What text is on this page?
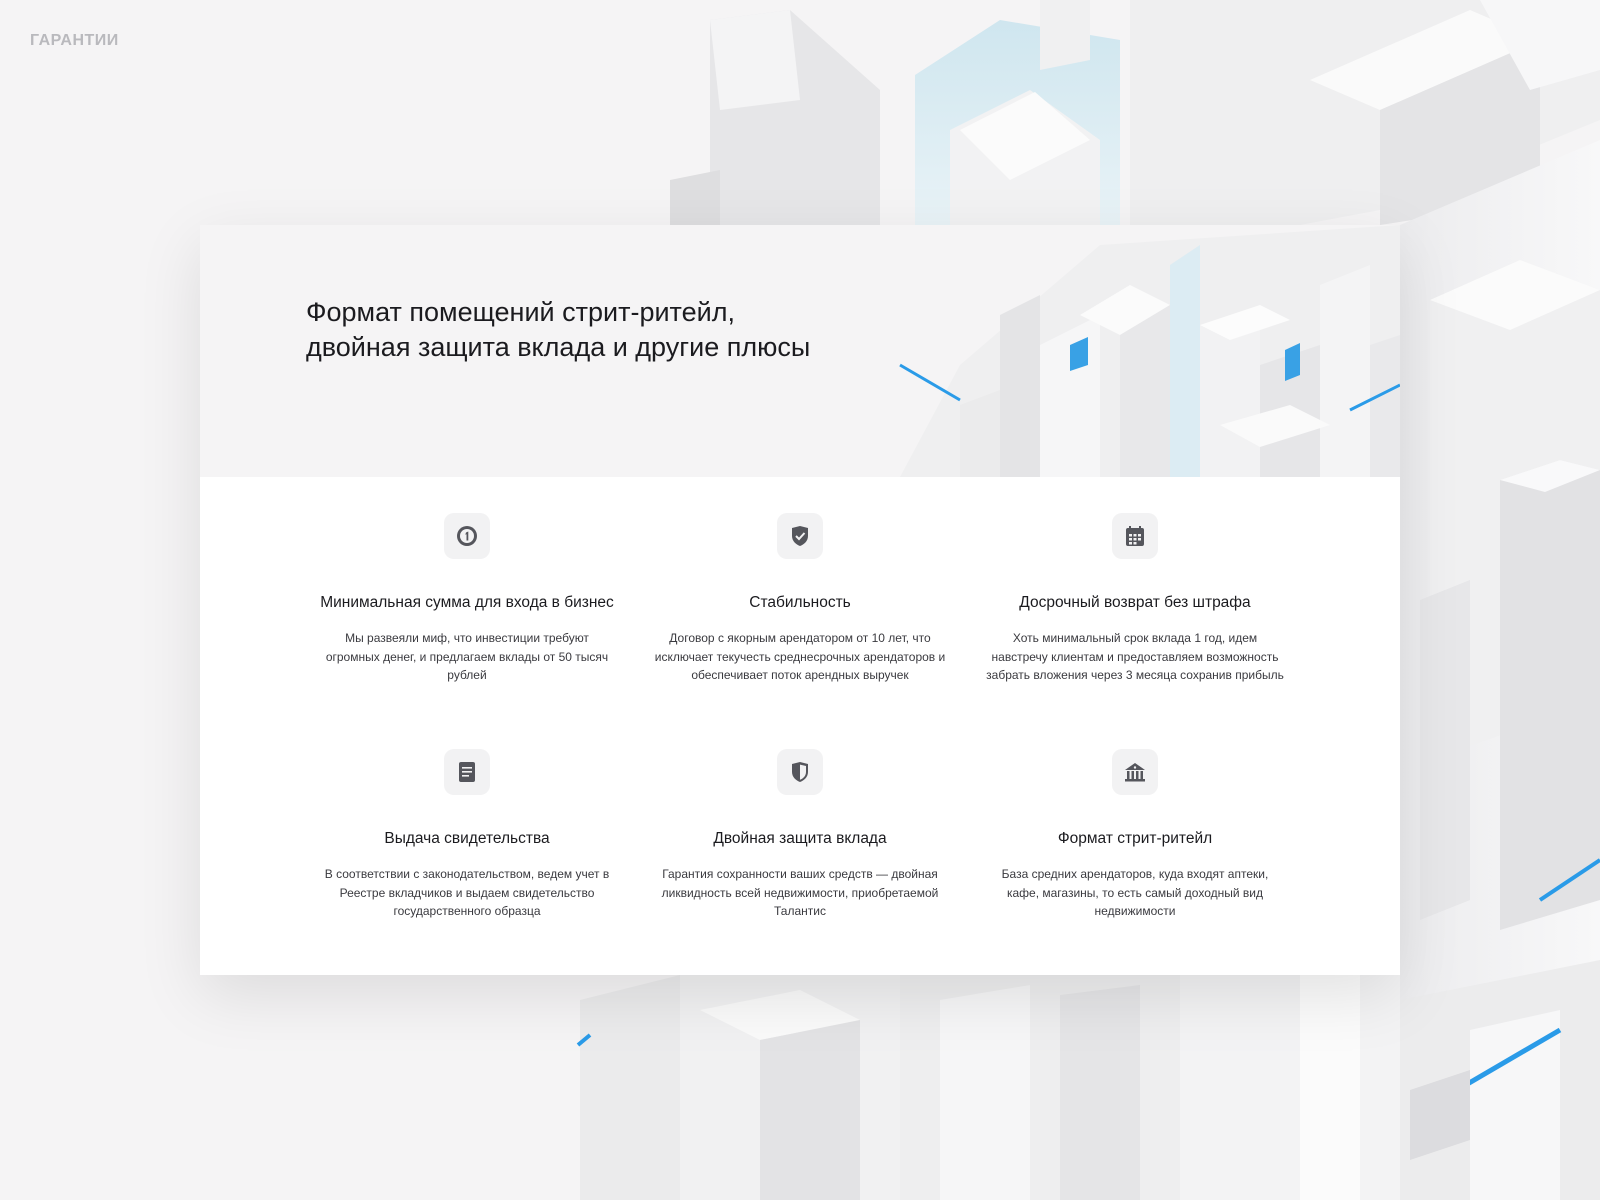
ГАРАНТИИ
Формат помещений стрит-ритейл, двойная защита вклада и другие плюсы
Минимальная сумма для входа в бизнес
Мы развеяли миф, что инвестиции требуют огромных денег, и предлагаем вклады от 50 тысяч рублей
Стабильность
Договор с якорным арендатором от 10 лет, что исключает текучесть среднесрочных арендаторов и обеспечивает поток арендных выручек
Досрочный возврат без штрафа
Хоть минимальный срок вклада 1 год, идем навстречу клиентам и предоставляем возможность забрать вложения через 3 месяца сохранив прибыль
Выдача свидетельства
В соответствии с законодательством, ведем учет в Реестре вкладчиков и выдаем свидетельство государственного образца
Двойная защита вклада
Гарантия сохранности ваших средств — двойная ликвидность всей недвижимости, приобретаемой Талантис
Формат стрит-ритейл
База средних арендаторов, куда входят аптеки, кафе, магазины, то есть самый доходный вид недвижимости
